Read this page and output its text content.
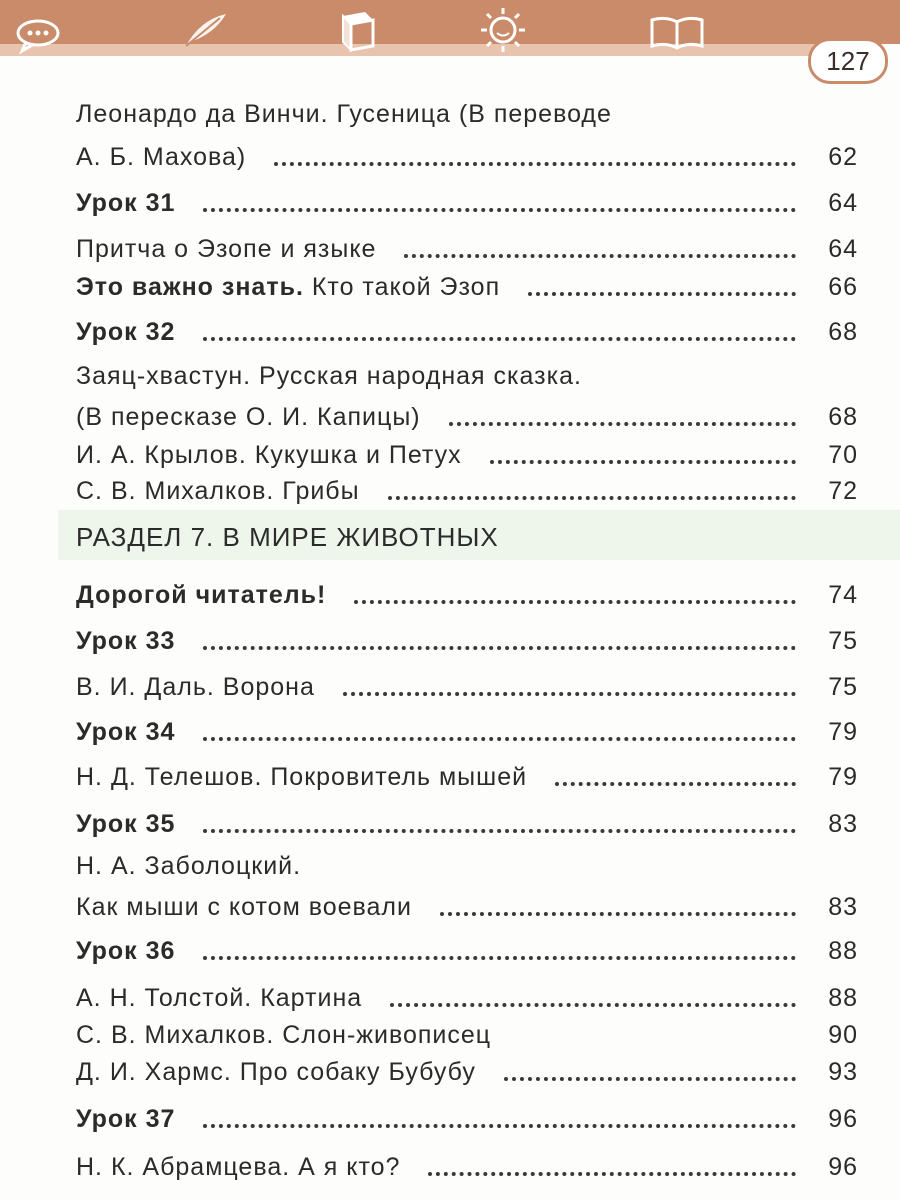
127
Леонардо да Винчи. Гусеница (В переводе
А. Б. Махова)	62
Урок 31	64
Притча о Эзопе и языке	64
Это важно знать. Кто такой Эзоп	66
Урок 32	68
Заяц-хвастун. Русская народная сказка.
(В пересказе О. И. Капицы)	68
И. А. Крылов. Кукушка и Петух	70
С. В. Михалков. Грибы	72
РАЗДЕЛ 7. В МИРЕ ЖИВОТНЫХ
Дорогой читатель!	74
Урок 33	75
В. И. Даль. Ворона	75
Урок 34	79
Н. Д. Телешов. Покровитель мышей	79
Урок 35	83
Н. А. Заболоцкий.
Как мыши с котом воевали	83
Урок 36	88
А. Н. Толстой. Картина	88
С. В. Михалков. Слон-живописец	90
Д. И. Хармс. Про собаку Бубубу	93
Урок 37	96
Н. К. Абрамцева. А я кто?	96
